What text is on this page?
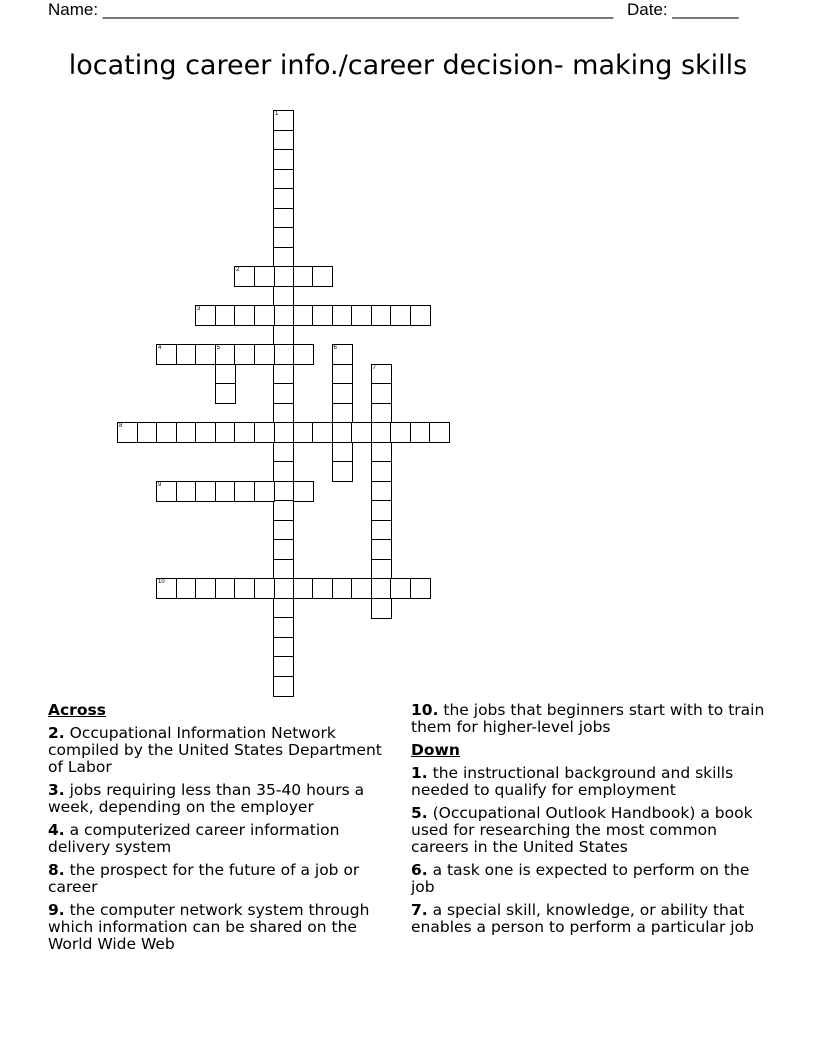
Name: ______________________________________________________ Date: _______
locating career info./career decision- making skills
1
2
3
4	5	6
7
8
9
10
Across
2. Occupational Information Network compiled by the United States Department of Labor
3. jobs requiring less than 35-40 hours a week, depending on the employer
4. a computerized career information delivery system
8. the prospect for the future of a job or career
9. the computer network system through which information can be shared on the World Wide Web
10. the jobs that beginners start with to train them for higher-level jobs
Down
1. the instructional background and skills needed to qualify for employment
5. (Occupational Outlook Handbook) a book used for researching the most common careers in the United States
6. a task one is expected to perform on the job
7. a special skill, knowledge, or ability that enables a person to perform a particular job
